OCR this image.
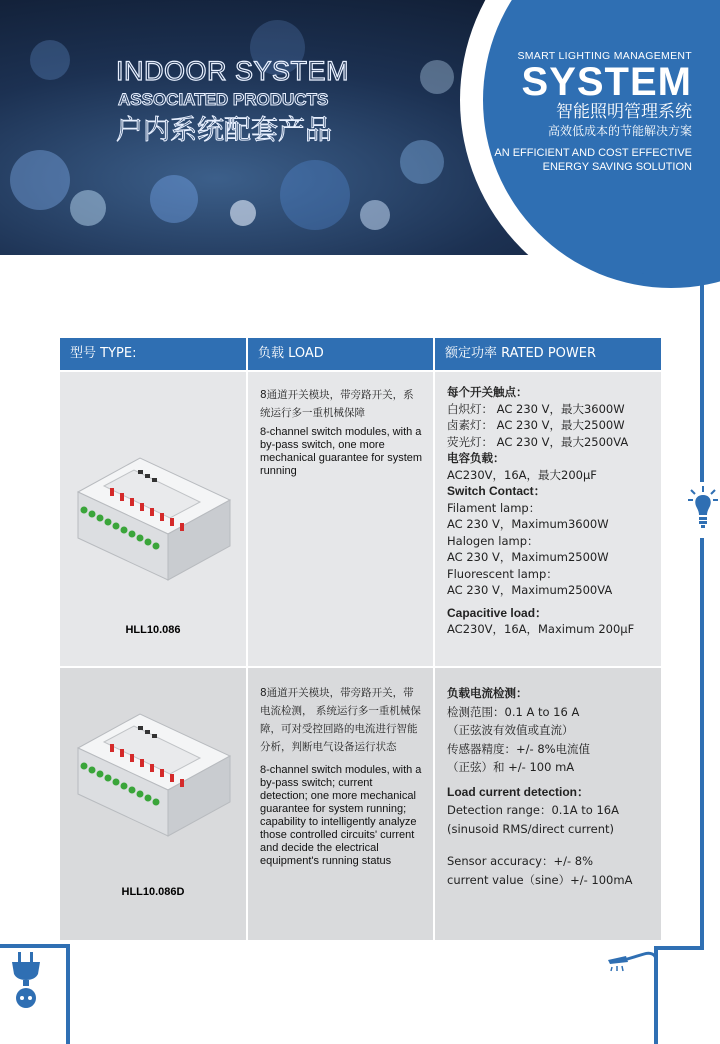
INDOOR SYSTEM
ASSOCIATED PRODUCTS
户内系统配套产品
SMART LIGHTING MANAGEMENT
SYSTEM
智能照明管理系统
高效低成本的节能解决方案
AN EFFICIENT AND COST EFFECTIVE
ENERGY SAVING SOLUTION
型号 TYPE:	负载 LOAD	额定功率 RATED POWER
HLL10.086
8通道开关模块，带旁路开关，系统运行多一重机械保障
8-channel switch modules, with a by-pass switch, one more mechanical guarantee for system running
每个开关触点：
白炽灯： AC 230 V，最大3600W
卤素灯： AC 230 V，最大2500W
荧光灯： AC 230 V，最大2500VA
电容负载：
AC230V，16A，最大200μF
Switch Contact：
Filament lamp：
AC 230 V，Maximum3600W
Halogen lamp：
AC 230 V，Maximum2500W
Fluorescent lamp：
AC 230 V，Maximum2500VA
Capacitive load：
AC230V，16A，Maximum 200μF
HLL10.086D
8通道开关模块，带旁路开关，带电流检测， 系统运行多一重机械保障，可对受控回路的电流进行智能分析，判断电气设备运行状态
8-channel switch modules, with a by-pass switch; current detection; one more mechanical guarantee for system running; capability to intelligently analyze those controlled circuits' current and decide the electrical equipment's running status
负载电流检测：
检测范围：0.1 A to 16 A
（正弦波有效值或直流）
传感器精度：+/- 8%电流值
（正弦）和 +/- 100 mA
Load current detection：
Detection range：0.1A to 16A
(sinusoid RMS/direct current)
Sensor accuracy：+/- 8%
current value（sine）+/- 100mA
